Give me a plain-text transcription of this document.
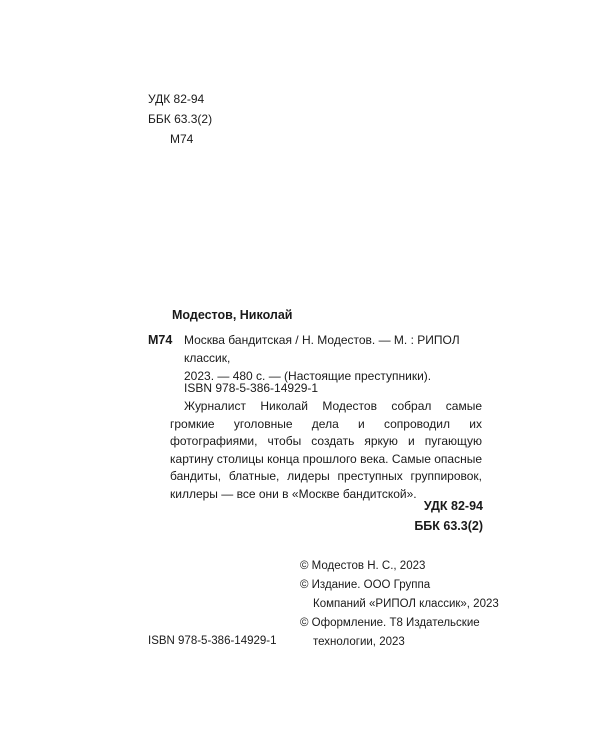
УДК 82-94
ББК 63.3(2)
М74
Модестов, Николай
М74 Москва бандитская / Н. Модестов. — М. : РИПОЛ классик,
2023. — 480 с. — (Настоящие преступники).
ISBN 978-5-386-14929-1
Журналист Николай Модестов собрал самые громкие уголовные дела и сопроводил их фотографиями, чтобы создать яркую и пугающую картину столицы конца прошлого века. Самые опасные бандиты, блатные, лидеры преступных группировок, киллеры — все они в «Москве бандитской».
УДК 82-94
ББК 63.3(2)
© Модестов Н. С., 2023
© Издание. ООО Группа
Компаний «РИПОЛ классик», 2023
© Оформление. Т8 Издательские
технологии, 2023
ISBN 978-5-386-14929-1
